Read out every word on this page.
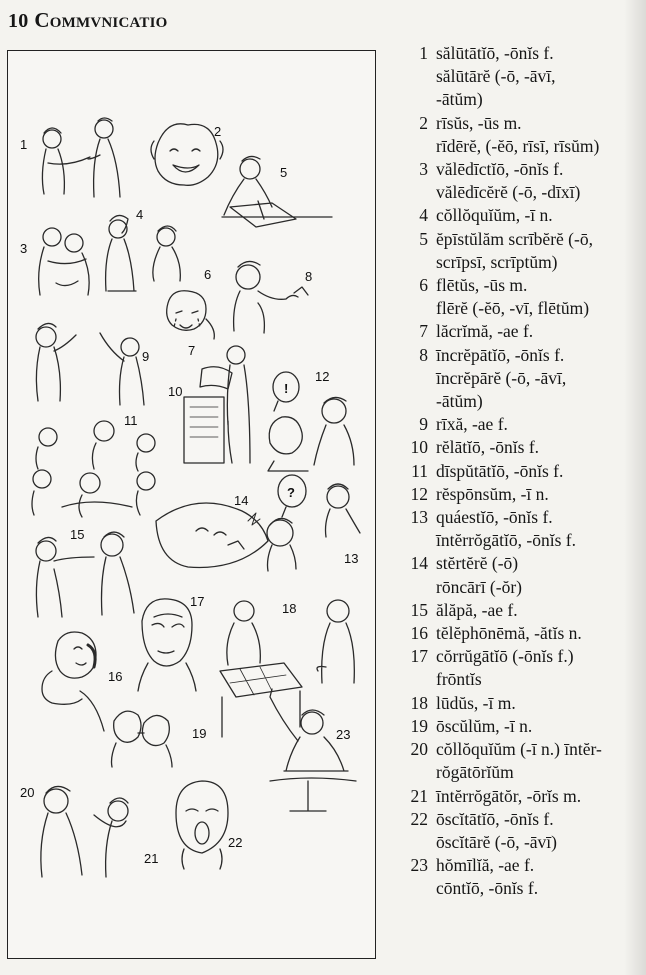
10 COMMVNICATIO
1
2
3
4
5
6
7
8
9
10
11
12
13
14
15
16
17	18
19
20
21
22
23
!
?
1 sălūtātĭō, -ōnĭs f.
sălūtārĕ (-ō, -āvī,
-ātŭm)
2 rīsŭs, -ūs m.
rīdērĕ, (-ĕō, rīsī, rīsŭm)
3 vălēdīctĭō, -ōnĭs f.
vălēdīcĕrĕ (-ō, -dīxī)
4 cŏllŏquĭŭm, -ī n.
5 ĕpīstŭlăm scrībĕrĕ (-ō,
scrīpsī, scrīptŭm)
6 flētŭs, -ūs m.
flērĕ (-ĕō, -vī, flētŭm)
7 lăcrĭmă, -ae f.
8 īncrĕpātĭō, -ōnĭs f.
īncrĕpārĕ (-ō, -āvī,
-ātŭm)
9 rīxă, -ae f.
10 rĕlātĭō, -ōnĭs f.
11 dīspŭtātĭō, -ōnĭs f.
12 rĕspōnsŭm, -ī n.
13 quáestĭō, -ōnĭs f.
īntĕrrŏgātĭō, -ōnĭs f.
14 stĕrtĕrĕ (-ō)
rōncārī (-ŏr)
15 ălăpă, -ae f.
16 tĕlĕphōnēmă, -ătĭs n.
17 cŏrrŭgātĭō (-ōnĭs f.)
frōntĭs
18 lūdŭs, -ī m.
19 ōscŭlŭm, -ī n.
20 cŏllŏquĭŭm (-ī n.) īntĕr-
rŏgātōrĭŭm
21 īntĕrrŏgātŏr, -ōrĭs m.
22 ōscĭtātĭō, -ōnĭs f.
ōscĭtārĕ (-ō, -āvī)
23 hŏmīlĭă, -ae f.
cōntĭō, -ōnĭs f.
